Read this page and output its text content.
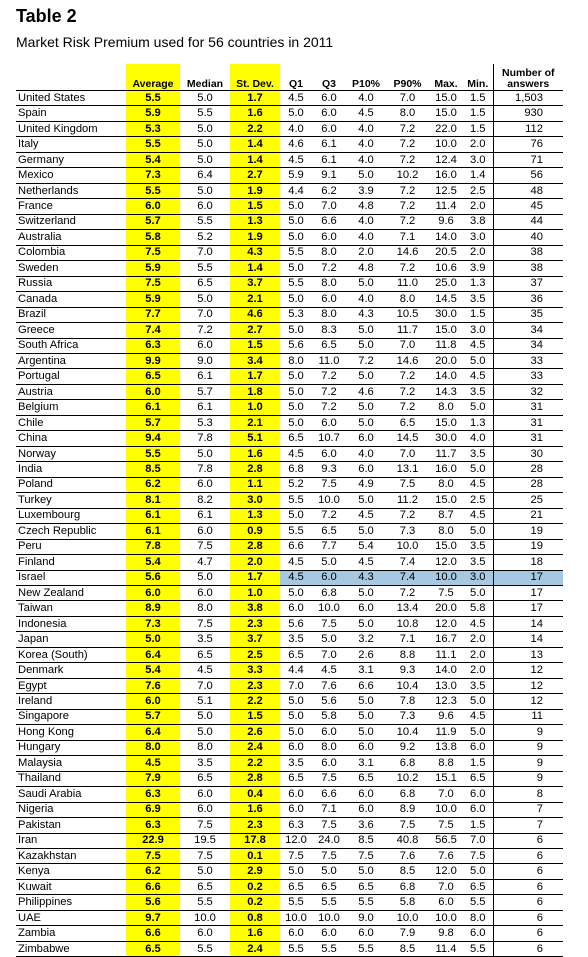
Table 2
Market Risk Premium used for 56 countries in 2011
	Average	Median	St. Dev.	Q1	Q3	P10%	P90%	Max.	Min.	Number of answers
United States	5.5	5.0	1.7	4.5	6.0	4.0	7.0	15.0	1.5	1,503
Spain	5.9	5.5	1.6	5.0	6.0	4.5	8.0	15.0	1.5	930
United Kingdom	5.3	5.0	2.2	4.0	6.0	4.0	7.2	22.0	1.5	112
Italy	5.5	5.0	1.4	4.6	6.1	4.0	7.2	10.0	2.0	76
Germany	5.4	5.0	1.4	4.5	6.1	4.0	7.2	12.4	3.0	71
Mexico	7.3	6.4	2.7	5.9	9.1	5.0	10.2	16.0	1.4	56
Netherlands	5.5	5.0	1.9	4.4	6.2	3.9	7.2	12.5	2.5	48
France	6.0	6.0	1.5	5.0	7.0	4.8	7.2	11.4	2.0	45
Switzerland	5.7	5.5	1.3	5.0	6.6	4.0	7.2	9.6	3.8	44
Australia	5.8	5.2	1.9	5.0	6.0	4.0	7.1	14.0	3.0	40
Colombia	7.5	7.0	4.3	5.5	8.0	2.0	14.6	20.5	2.0	38
Sweden	5.9	5.5	1.4	5.0	7.2	4.8	7.2	10.6	3.9	38
Russia	7.5	6.5	3.7	5.5	8.0	5.0	11.0	25.0	1.3	37
Canada	5.9	5.0	2.1	5.0	6.0	4.0	8.0	14.5	3.5	36
Brazil	7.7	7.0	4.6	5.3	8.0	4.3	10.5	30.0	1.5	35
Greece	7.4	7.2	2.7	5.0	8.3	5.0	11.7	15.0	3.0	34
South Africa	6.3	6.0	1.5	5.6	6.5	5.0	7.0	11.8	4.5	34
Argentina	9.9	9.0	3.4	8.0	11.0	7.2	14.6	20.0	5.0	33
Portugal	6.5	6.1	1.7	5.0	7.2	5.0	7.2	14.0	4.5	33
Austria	6.0	5.7	1.8	5.0	7.2	4.6	7.2	14.3	3.5	32
Belgium	6.1	6.1	1.0	5.0	7.2	5.0	7.2	8.0	5.0	31
Chile	5.7	5.3	2.1	5.0	6.0	5.0	6.5	15.0	1.3	31
China	9.4	7.8	5.1	6.5	10.7	6.0	14.5	30.0	4.0	31
Norway	5.5	5.0	1.6	4.5	6.0	4.0	7.0	11.7	3.5	30
India	8.5	7.8	2.8	6.8	9.3	6.0	13.1	16.0	5.0	28
Poland	6.2	6.0	1.1	5.2	7.5	4.9	7.5	8.0	4.5	28
Turkey	8.1	8.2	3.0	5.5	10.0	5.0	11.2	15.0	2.5	25
Luxembourg	6.1	6.1	1.3	5.0	7.2	4.5	7.2	8.7	4.5	21
Czech Republic	6.1	6.0	0.9	5.5	6.5	5.0	7.3	8.0	5.0	19
Peru	7.8	7.5	2.8	6.6	7.7	5.4	10.0	15.0	3.5	19
Finland	5.4	4.7	2.0	4.5	5.0	4.5	7.4	12.0	3.5	18
Israel	5.6	5.0	1.7	4.5	6.0	4.3	7.4	10.0	3.0	17
New Zealand	6.0	6.0	1.0	5.0	6.8	5.0	7.2	7.5	5.0	17
Taiwan	8.9	8.0	3.8	6.0	10.0	6.0	13.4	20.0	5.8	17
Indonesia	7.3	7.5	2.3	5.6	7.5	5.0	10.8	12.0	4.5	14
Japan	5.0	3.5	3.7	3.5	5.0	3.2	7.1	16.7	2.0	14
Korea (South)	6.4	6.5	2.5	6.5	7.0	2.6	8.8	11.1	2.0	13
Denmark	5.4	4.5	3.3	4.4	4.5	3.1	9.3	14.0	2.0	12
Egypt	7.6	7.0	2.3	7.0	7.6	6.6	10.4	13.0	3.5	12
Ireland	6.0	5.1	2.2	5.0	5.6	5.0	7.8	12.3	5.0	12
Singapore	5.7	5.0	1.5	5.0	5.8	5.0	7.3	9.6	4.5	11
Hong Kong	6.4	5.0	2.6	5.0	6.0	5.0	10.4	11.9	5.0	9
Hungary	8.0	8.0	2.4	6.0	8.0	6.0	9.2	13.8	6.0	9
Malaysia	4.5	3.5	2.2	3.5	6.0	3.1	6.8	8.8	1.5	9
Thailand	7.9	6.5	2.8	6.5	7.5	6.5	10.2	15.1	6.5	9
Saudi Arabia	6.3	6.0	0.4	6.0	6.6	6.0	6.8	7.0	6.0	8
Nigeria	6.9	6.0	1.6	6.0	7.1	6.0	8.9	10.0	6.0	7
Pakistan	6.3	7.5	2.3	6.3	7.5	3.6	7.5	7.5	1.5	7
Iran	22.9	19.5	17.8	12.0	24.0	8.5	40.8	56.5	7.0	6
Kazakhstan	7.5	7.5	0.1	7.5	7.5	7.5	7.6	7.6	7.5	6
Kenya	6.2	5.0	2.9	5.0	5.0	5.0	8.5	12.0	5.0	6
Kuwait	6.6	6.5	0.2	6.5	6.5	6.5	6.8	7.0	6.5	6
Philippines	5.6	5.5	0.2	5.5	5.5	5.5	5.8	6.0	5.5	6
UAE	9.7	10.0	0.8	10.0	10.0	9.0	10.0	10.0	8.0	6
Zambia	6.6	6.0	1.6	6.0	6.0	6.0	7.9	9.8	6.0	6
Zimbabwe	6.5	5.5	2.4	5.5	5.5	5.5	8.5	11.4	5.5	6
